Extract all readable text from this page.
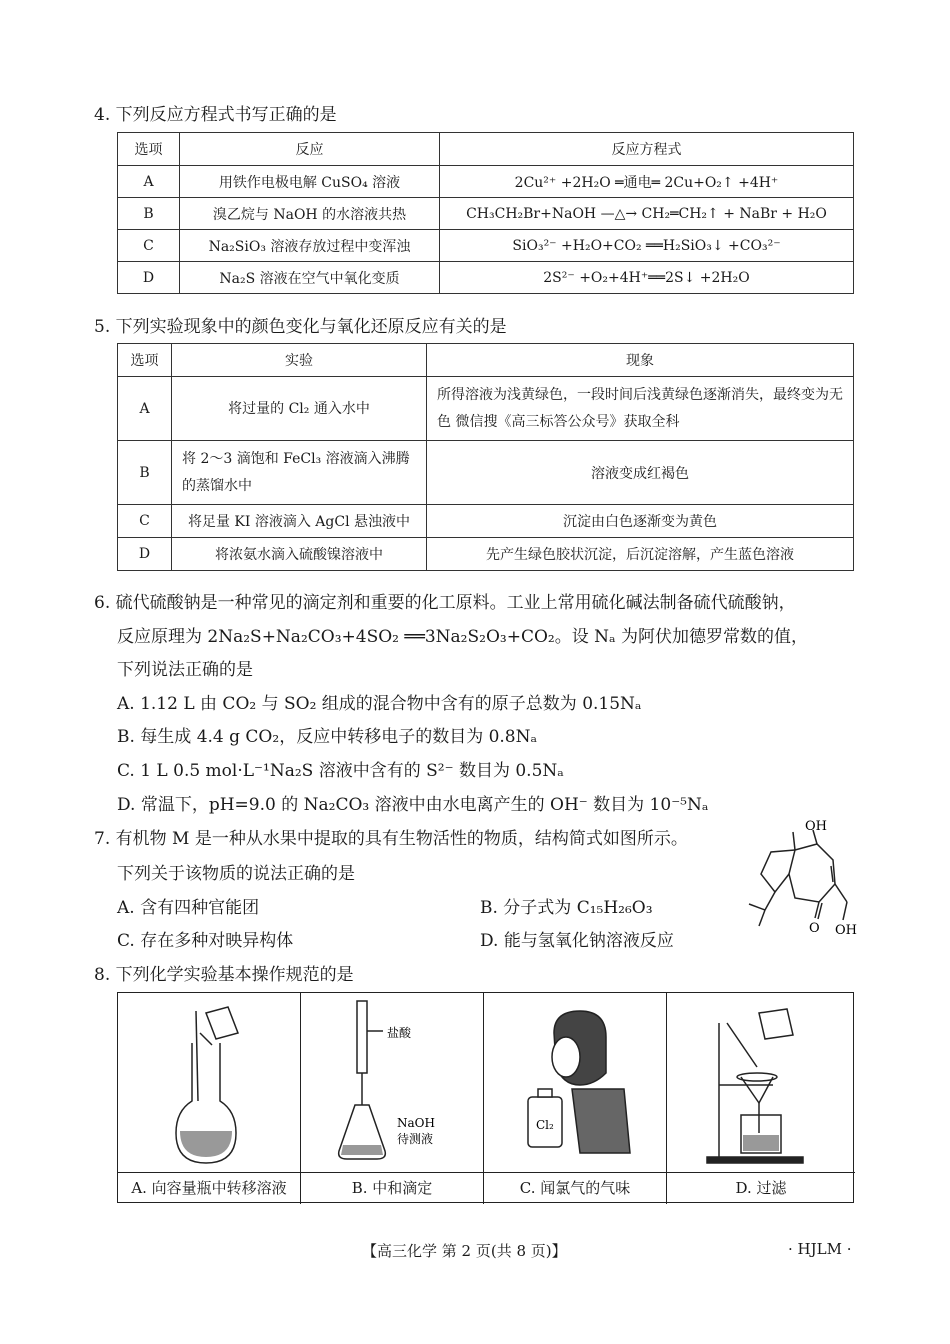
4. 下列反应方程式书写正确的是
选项	反应	反应方程式
A	用铁作电极电解 CuSO₄ 溶液	2Cu²⁺ +2H₂O ═通电═ 2Cu+O₂↑ +4H⁺
B	溴乙烷与 NaOH 的水溶液共热	CH₃CH₂Br+NaOH —△→ CH₂═CH₂↑ + NaBr + H₂O
C	Na₂SiO₃ 溶液存放过程中变浑浊	SiO₃²⁻ +H₂O+CO₂ ══H₂SiO₃↓ +CO₃²⁻
D	Na₂S 溶液在空气中氧化变质	2S²⁻ +O₂+4H⁺══2S↓ +2H₂O
5. 下列实验现象中的颜色变化与氧化还原反应有关的是
选项	实验	现象
A	将过量的 Cl₂ 通入水中	所得溶液为浅黄绿色，一段时间后浅黄绿色逐渐消失，最终变为无色 微信搜《高三标答公众号》获取全科
B	将 2～3 滴饱和 FeCl₃ 溶液滴入沸腾的蒸馏水中	溶液变成红褐色
C	将足量 KI 溶液滴入 AgCl 悬浊液中	沉淀由白色逐渐变为黄色
D	将浓氨水滴入硫酸镍溶液中	先产生绿色胶状沉淀，后沉淀溶解，产生蓝色溶液
6. 硫代硫酸钠是一种常见的滴定剂和重要的化工原料。工业上常用硫化碱法制备硫代硫酸钠，
反应原理为 2Na₂S+Na₂CO₃+4SO₂ ══3Na₂S₂O₃+CO₂。设 Nₐ 为阿伏加德罗常数的值，
下列说法正确的是
A. 1.12 L 由 CO₂ 与 SO₂ 组成的混合物中含有的原子总数为 0.15Nₐ
B. 每生成 4.4 g CO₂，反应中转移电子的数目为 0.8Nₐ
C. 1 L 0.5 mol·L⁻¹Na₂S 溶液中含有的 S²⁻ 数目为 0.5Nₐ
D. 常温下，pH=9.0 的 Na₂CO₃ 溶液中由水电离产生的 OH⁻ 数目为 10⁻⁵Nₐ
7. 有机物 M 是一种从水果中提取的具有生物活性的物质，结构简式如图所示。
下列关于该物质的说法正确的是
A. 含有四种官能团	B. 分子式为 C₁₅H₂₆O₃
C. 存在多种对映异构体	D. 能与氢氧化钠溶液反应
OH
O OH
8. 下列化学实验基本操作规范的是
A. 向容量瓶中转移溶液
盐酸
NaOH
待测液
B. 中和滴定
Cl₂
C. 闻氯气的气味	D. 过滤
【高三化学 第 2 页(共 8 页)】	· HJLM ·
